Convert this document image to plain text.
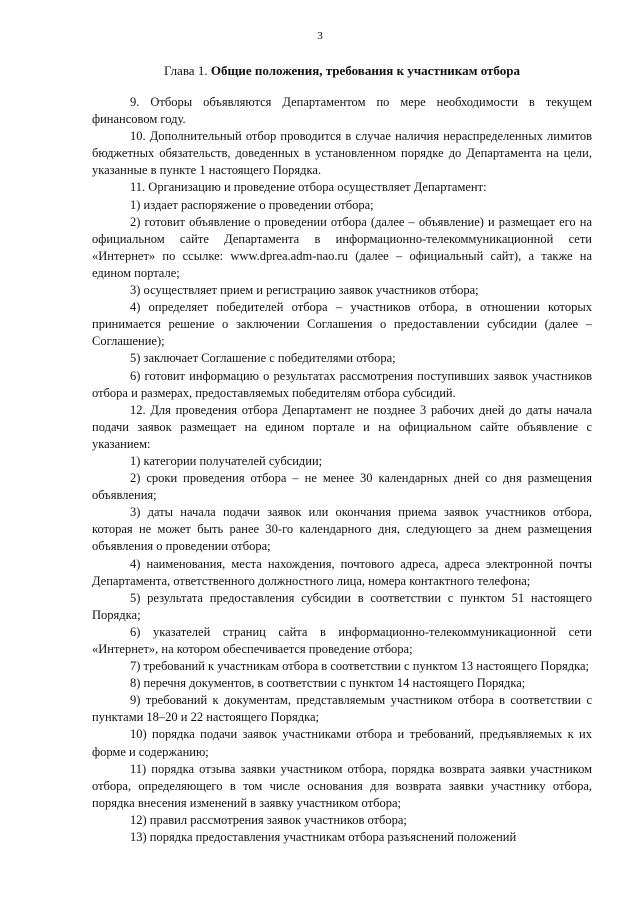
3
Глава 1. Общие положения, требования к участникам отбора

9. Отборы объявляются Департаментом по мере необходимости в текущем финансовом году.

10. Дополнительный отбор проводится в случае наличия нераспределенных лимитов бюджетных обязательств, доведенных в установленном порядке до Департамента на цели, указанные в пункте 1 настоящего Порядка.

11. Организацию и проведение отбора осуществляет Департамент:

1) издает распоряжение о проведении отбора;

2) готовит объявление о проведении отбора (далее – объявление) и размещает его на официальном сайте Департамента в информационно-телекоммуникационной сети «Интернет» по ссылке: www.dprea.adm-nao.ru (далее – официальный сайт), а также на едином портале;

3) осуществляет прием и регистрацию заявок участников отбора;

4) определяет победителей отбора – участников отбора, в отношении которых принимается решение о заключении Соглашения о предоставлении субсидии (далее – Соглашение);

5) заключает Соглашение с победителями отбора;

6) готовит информацию о результатах рассмотрения поступивших заявок участников отбора и размерах, предоставляемых победителям отбора субсидий.

12. Для проведения отбора Департамент не позднее 3 рабочих дней до даты начала подачи заявок размещает на едином портале и на официальном сайте объявление с указанием:

1) категории получателей субсидии;

2) сроки проведения отбора – не менее 30 календарных дней со дня размещения объявления;

3) даты начала подачи заявок или окончания приема заявок участников отбора, которая не может быть ранее 30-го календарного дня, следующего за днем размещения объявления о проведении отбора;

4) наименования, места нахождения, почтового адреса, адреса электронной почты Департамента, ответственного должностного лица, номера контактного телефона;

5) результата предоставления субсидии в соответствии с пунктом 51 настоящего Порядка;

6) указателей страниц сайта в информационно-телекоммуникационной сети «Интернет», на котором обеспечивается проведение отбора;

7) требований к участникам отбора в соответствии с пунктом 13 настоящего Порядка;

8) перечня документов, в соответствии с пунктом 14 настоящего Порядка;

9) требований к документам, представляемым участником отбора в соответствии с пунктами 18–20 и 22 настоящего Порядка;

10) порядка подачи заявок участниками отбора и требований, предъявляемых к их форме и содержанию;

11) порядка отзыва заявки участником отбора, порядка возврата заявки участником отбора, определяющего в том числе основания для возврата заявки участнику отбора, порядка внесения изменений в заявку участником отбора;

12) правил рассмотрения заявок участников отбора;

13) порядка предоставления участникам отбора разъяснений положений
